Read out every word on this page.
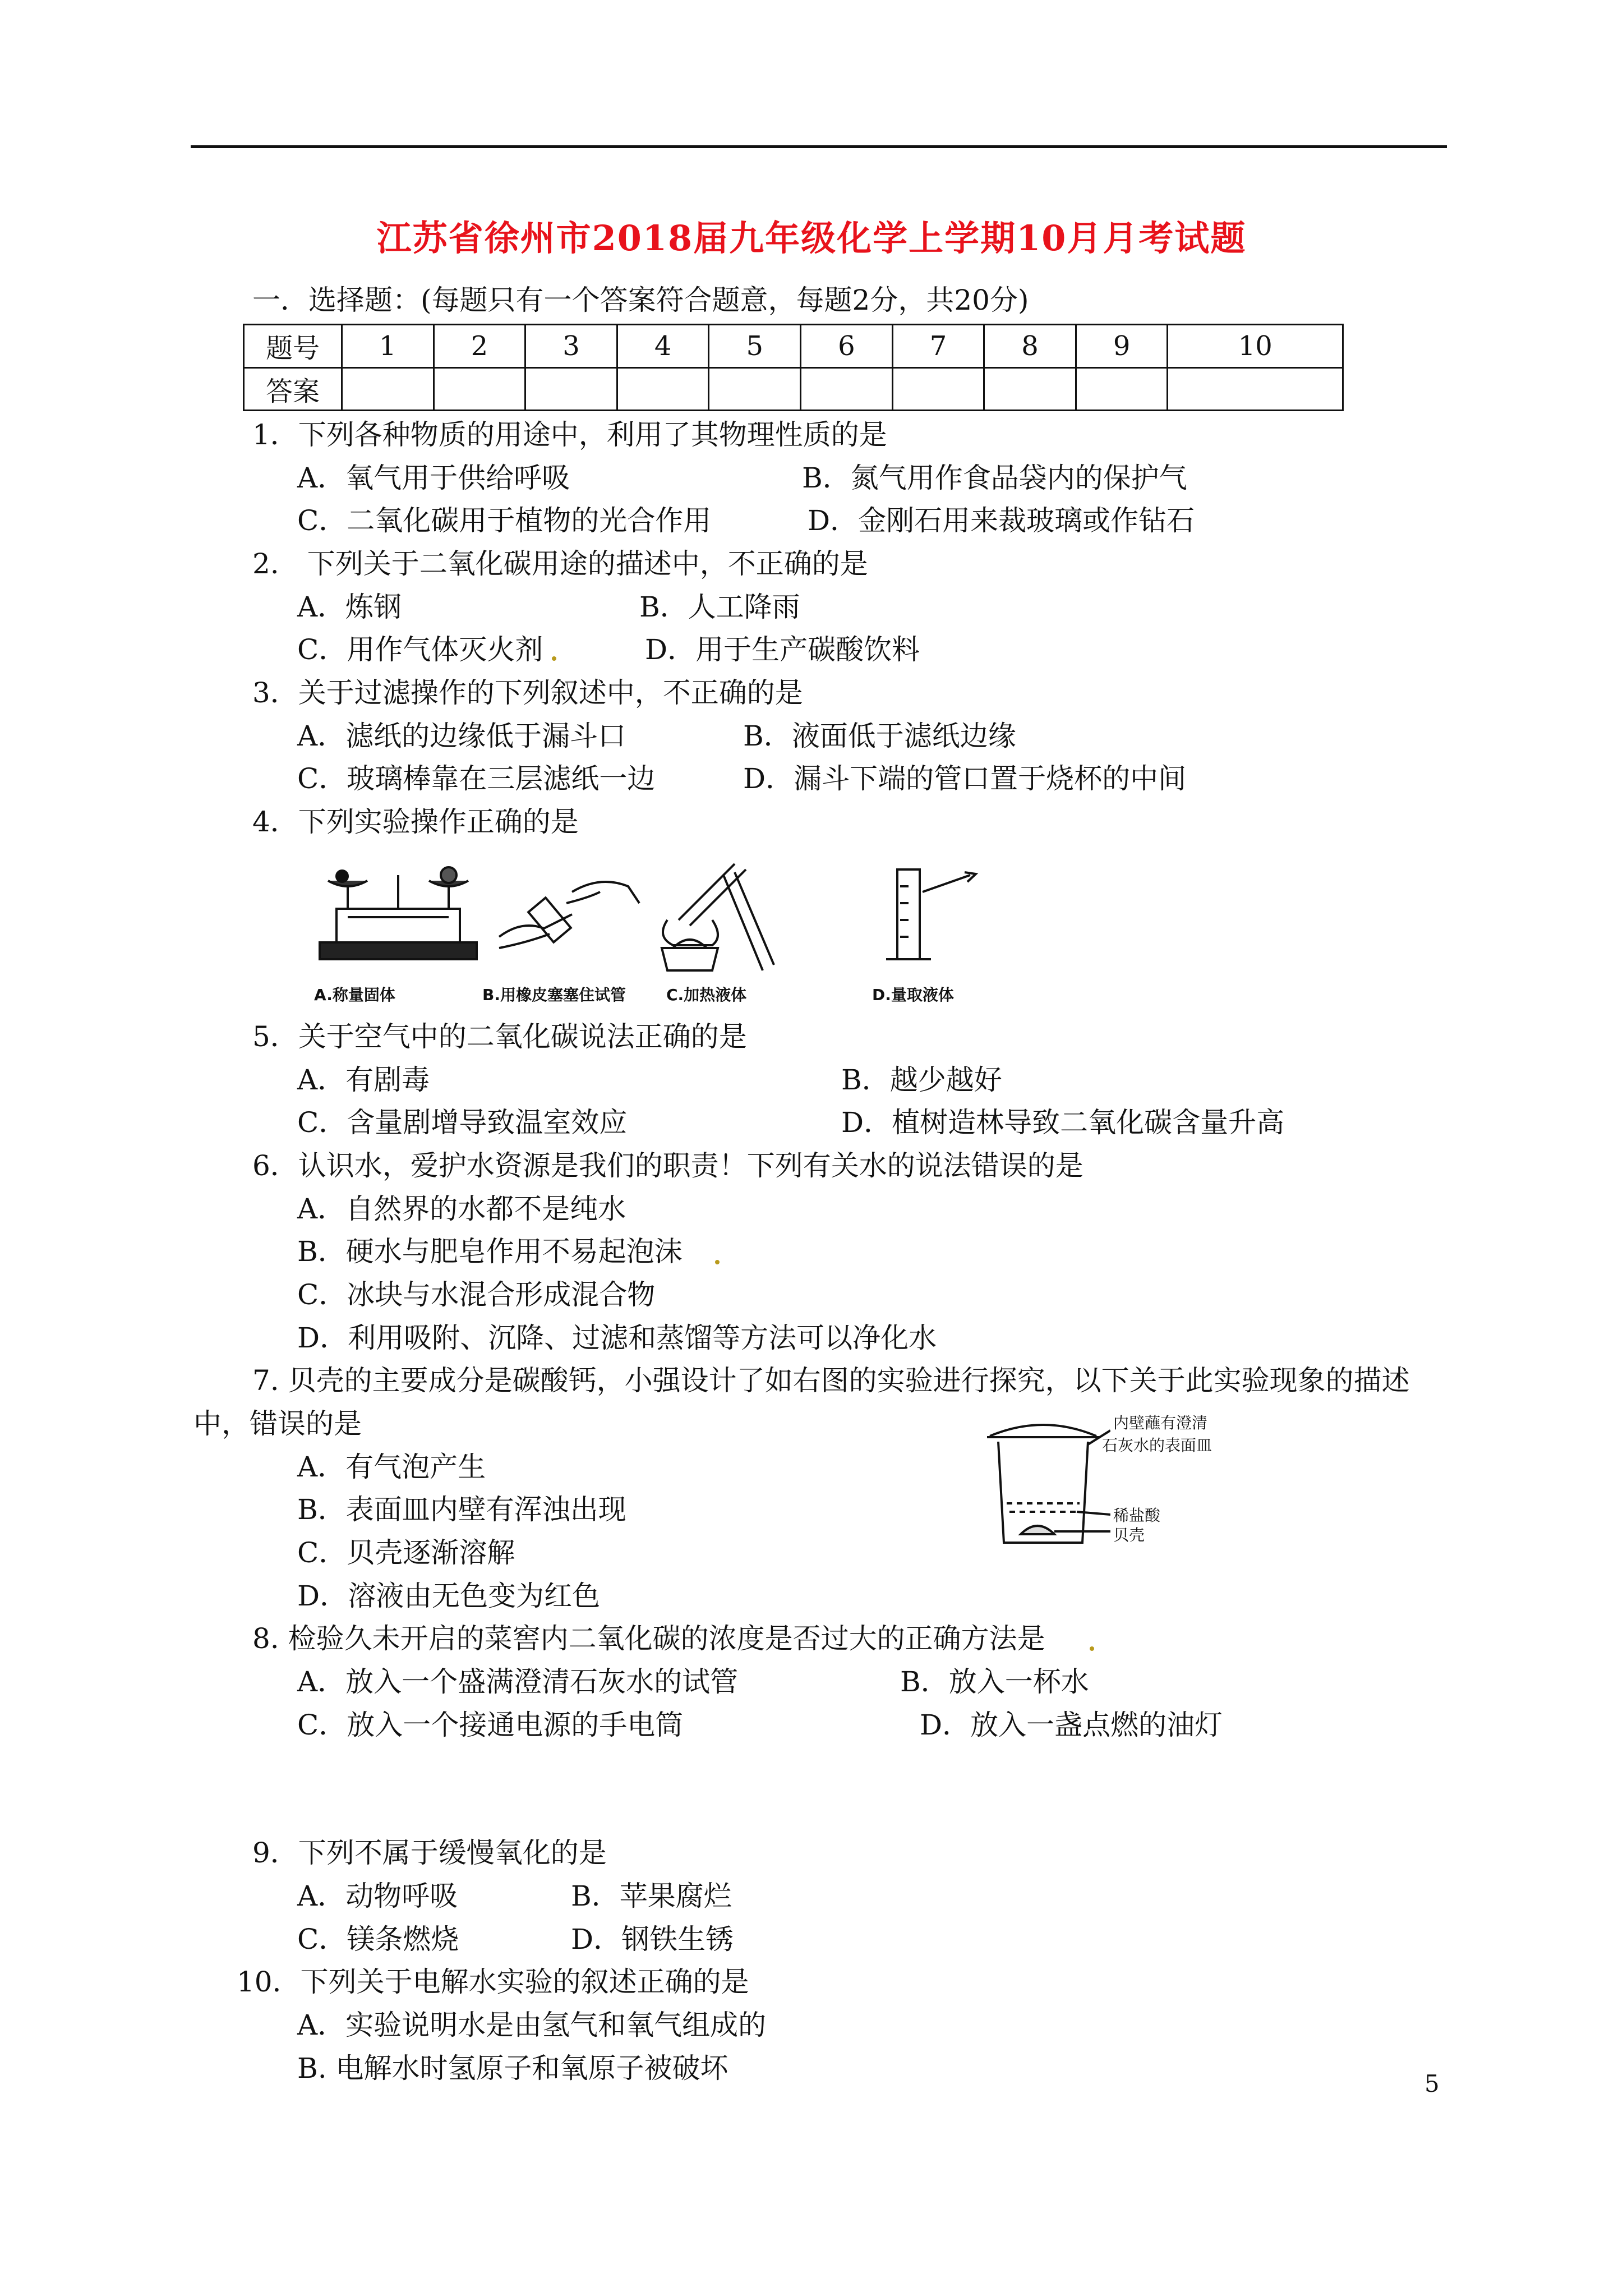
江苏省徐州市2018届九年级化学上学期10月月考试题
一．选择题：(每题只有一个答案符合题意，每题2分，共20分)
题号	1	2	3	4	5	6	7	8	9	10
答案										
1．下列各种物质的用途中，利用了其物理性质的是
A．氧气用于供给呼吸	B．氮气用作食品袋内的保护气
C．二氧化碳用于植物的光合作用	D．金刚石用来裁玻璃或作钻石
2.　下列关于二氧化碳用途的描述中，不正确的是
A．炼钢	B．人工降雨
C．用作气体灭火剂	D．用于生产碳酸饮料
3．关于过滤操作的下列叙述中，不正确的是
A．滤纸的边缘低于漏斗口	B．液面低于滤纸边缘
C．玻璃棒靠在三层滤纸一边	D．漏斗下端的管口置于烧杯的中间
4．下列实验操作正确的是
A.称量固体	B.用橡皮塞塞住试管	C.加热液体	D.量取液体
5．关于空气中的二氧化碳说法正确的是
A．有剧毒	B．越少越好
C．含量剧增导致温室效应	D．植树造林导致二氧化碳含量升高
6．认识水，爱护水资源是我们的职责！下列有关水的说法错误的是
A．自然界的水都不是纯水
B．硬水与肥皂作用不易起泡沫
C．冰块与水混合形成混合物
D．利用吸附、沉降、过滤和蒸馏等方法可以净化水
7. 贝壳的主要成分是碳酸钙，小强设计了如右图的实验进行探究，以下关于此实验现象的描述
中，错误的是
A．有气泡产生
B．表面皿内壁有浑浊出现
C．贝壳逐渐溶解
D．溶液由无色变为红色
内壁蘸有澄清
石灰水的表面皿
稀盐酸
贝壳
8. 检验久未开启的菜窖内二氧化碳的浓度是否过大的正确方法是
A．放入一个盛满澄清石灰水的试管	B．放入一杯水
C．放入一个接通电源的手电筒	D．放入一盏点燃的油灯
9．下列不属于缓慢氧化的是
A．动物呼吸	B．苹果腐烂
C．镁条燃烧	D．钢铁生锈
10．下列关于电解水实验的叙述正确的是
A．实验说明水是由氢气和氧气组成的
B. 电解水时氢原子和氧原子被破坏	5
